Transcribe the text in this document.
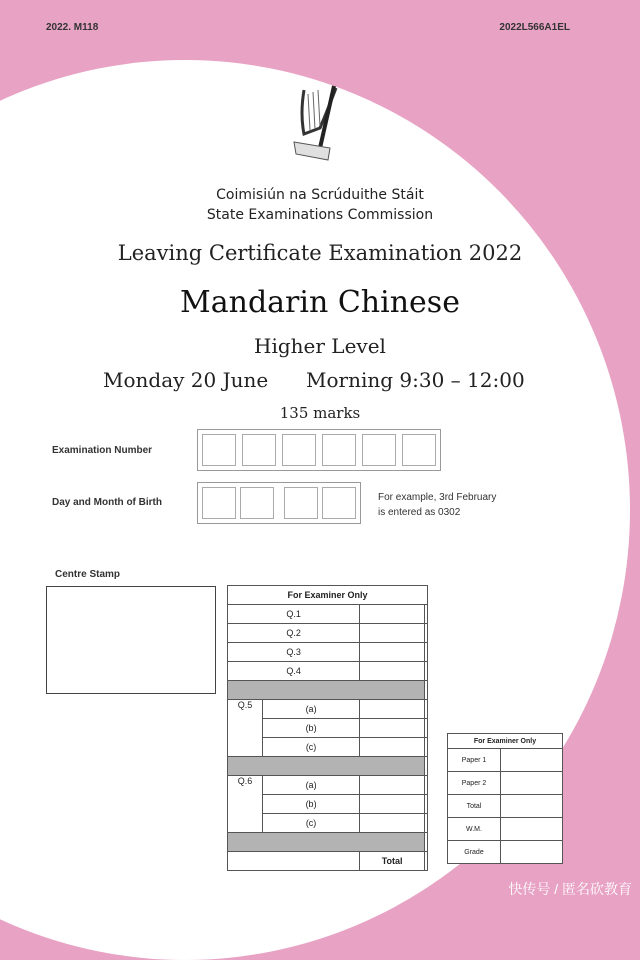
2022. M118	2022L566A1EL
Coimisiún na Scrúduithe Stáit
State Examinations Commission
Leaving Certificate Examination 2022
Mandarin Chinese
Higher Level
Monday 20 June Morning 9:30 – 12:00
135 marks
Examination Number
Day and Month of Birth	For example, 3rd February
is entered as 0302
Centre Stamp
For Examiner Only			
Q.1			
Q.2			
Q.3			
Q.4			

Q.5	(a)		
	(b)		
	(c)		

Q.6	(a)		
	(b)		
	(c)		

		Total	
For Examiner Only	
Paper 1	
Paper 2	
Total	
W.M.	
Grade	
快传号 / 匿名砍教育
